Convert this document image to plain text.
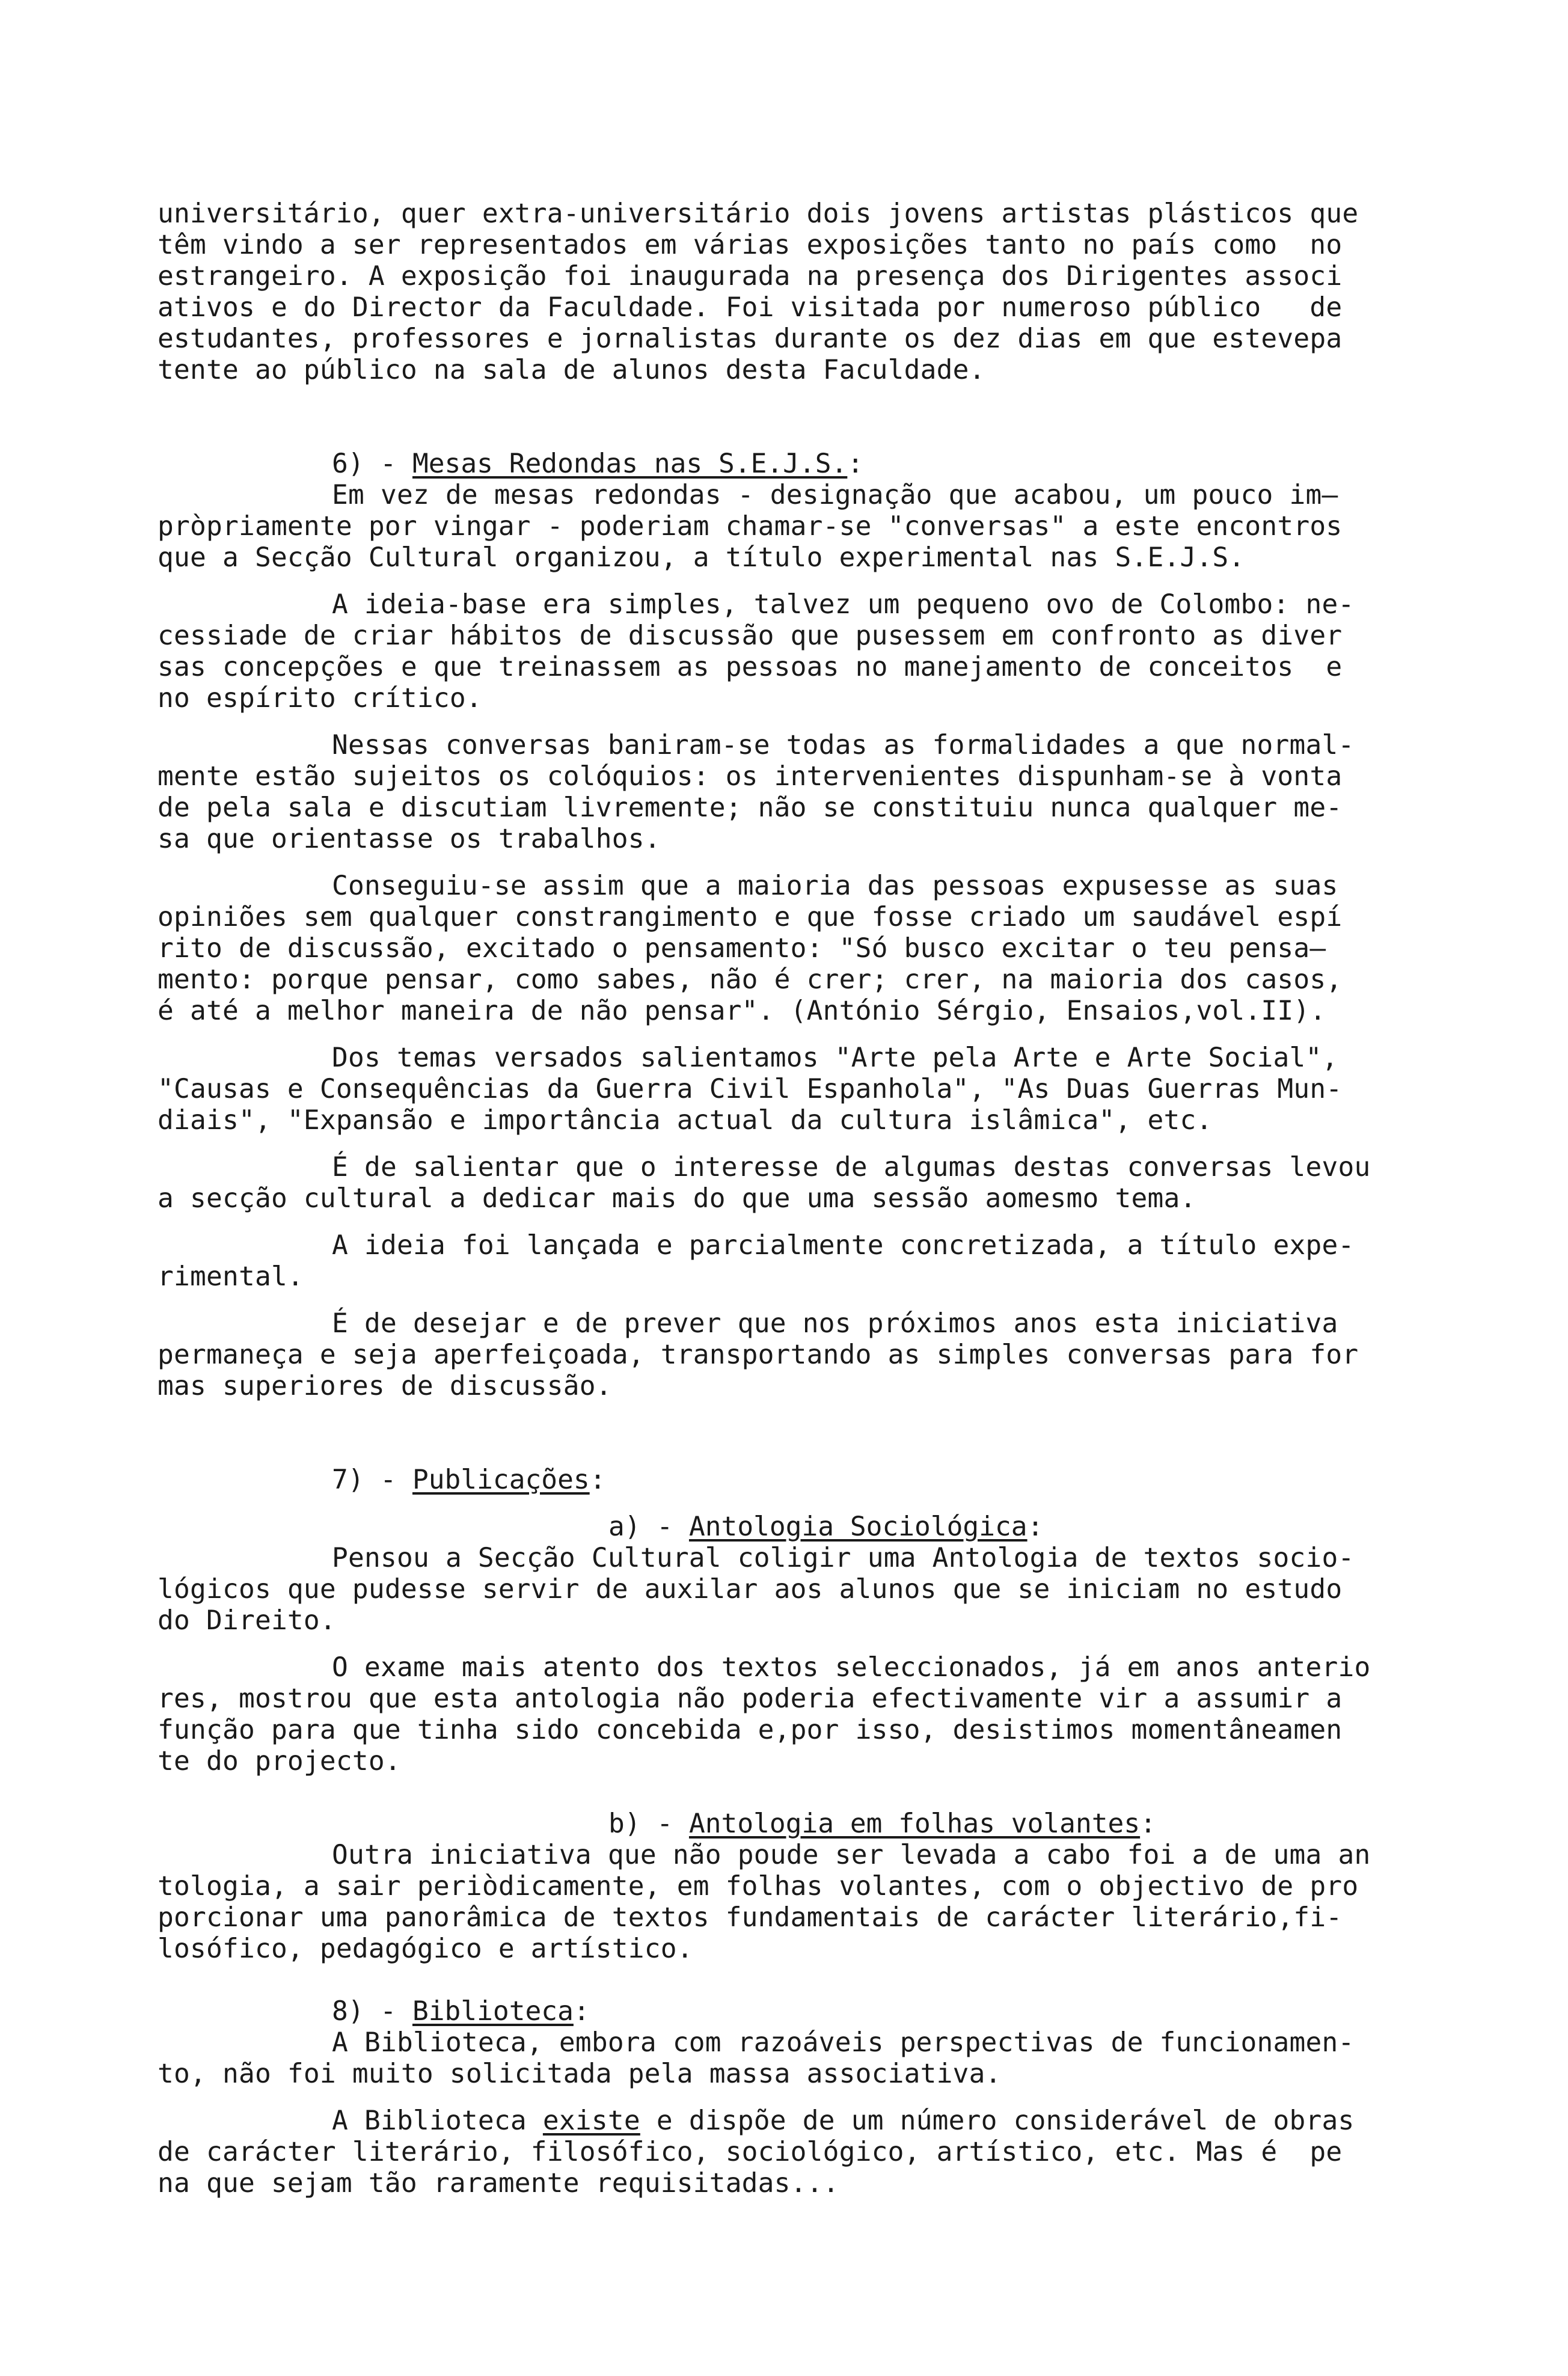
universitário, quer extra-universitário dois jovens artistas plásticos que
têm vindo a ser representados em várias exposições tanto no país como  no
estrangeiro. A exposição foi inaugurada na presença dos Dirigentes associ
ativos e do Director da Faculdade. Foi visitada por numeroso público   de
estudantes, professores e jornalistas durante os dez dias em que estevepa
tente ao público na sala de alunos desta Faculdade.
6) - Mesas Redondas nas S.E.J.S.:
Em vez de mesas redondas - designação que acabou, um pouco im—
pròpriamente por vingar - poderiam chamar-se "conversas" a este encontros
que a Secção Cultural organizou, a título experimental nas S.E.J.S.
A ideia-base era simples, talvez um pequeno ovo de Colombo: ne-
cessiade de criar hábitos de discussão que pusessem em confronto as diver
sas concepções e que treinassem as pessoas no manejamento de conceitos  e
no espírito crítico.
Nessas conversas baniram-se todas as formalidades a que normal-
mente estão sujeitos os colóquios: os intervenientes dispunham-se à vonta
de pela sala e discutiam livremente; não se constituiu nunca qualquer me-
sa que orientasse os trabalhos.
Conseguiu-se assim que a maioria das pessoas expusesse as suas
opiniões sem qualquer constrangimento e que fosse criado um saudável espí
rito de discussão, excitado o pensamento: "Só busco excitar o teu pensa—
mento: porque pensar, como sabes, não é crer; crer, na maioria dos casos,
é até a melhor maneira de não pensar". (António Sérgio, Ensaios,vol.II).
Dos temas versados salientamos "Arte pela Arte e Arte Social",
"Causas e Consequências da Guerra Civil Espanhola", "As Duas Guerras Mun-
diais", "Expansão e importância actual da cultura islâmica", etc.
É de salientar que o interesse de algumas destas conversas levou
a secção cultural a dedicar mais do que uma sessão aomesmo tema.
A ideia foi lançada e parcialmente concretizada, a título expe-
rimental.
É de desejar e de prever que nos próximos anos esta iniciativa
permaneça e seja aperfeiçoada, transportando as simples conversas para for
mas superiores de discussão.
7) - Publicações:
a) - Antologia Sociológica:
Pensou a Secção Cultural coligir uma Antologia de textos socio-
lógicos que pudesse servir de auxilar aos alunos que se iniciam no estudo
do Direito.
O exame mais atento dos textos seleccionados, já em anos anterio
res, mostrou que esta antologia não poderia efectivamente vir a assumir a
função para que tinha sido concebida e,por isso, desistimos momentâneamen
te do projecto.
b) - Antologia em folhas volantes:
Outra iniciativa que não poude ser levada a cabo foi a de uma an
tologia, a sair periòdicamente, em folhas volantes, com o objectivo de pro
porcionar uma panorâmica de textos fundamentais de carácter literário,fi-
losófico, pedagógico e artístico.
8) - Biblioteca:
A Biblioteca, embora com razoáveis perspectivas de funcionamen-
to, não foi muito solicitada pela massa associativa.
A Biblioteca existe e dispõe de um número considerável de obras
de carácter literário, filosófico, sociológico, artístico, etc. Mas é  pe
na que sejam tão raramente requisitadas...
